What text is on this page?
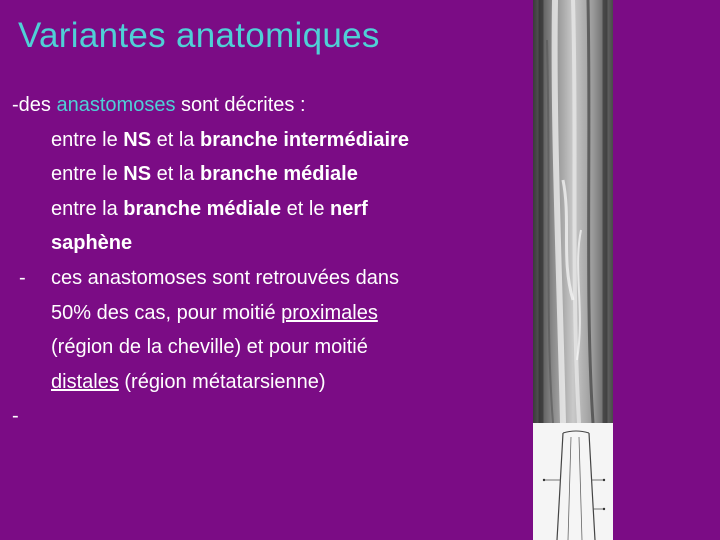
Variantes anatomiques
-des anastomoses sont décrites :
entre le NS et la branche intermédiaire
entre le NS et la branche médiale
entre la branche médiale et le nerf
saphène
- ces anastomoses sont retrouvées dans
50% des cas, pour moitié proximales
(région de la cheville) et pour moitié
distales (région métatarsienne)
-
